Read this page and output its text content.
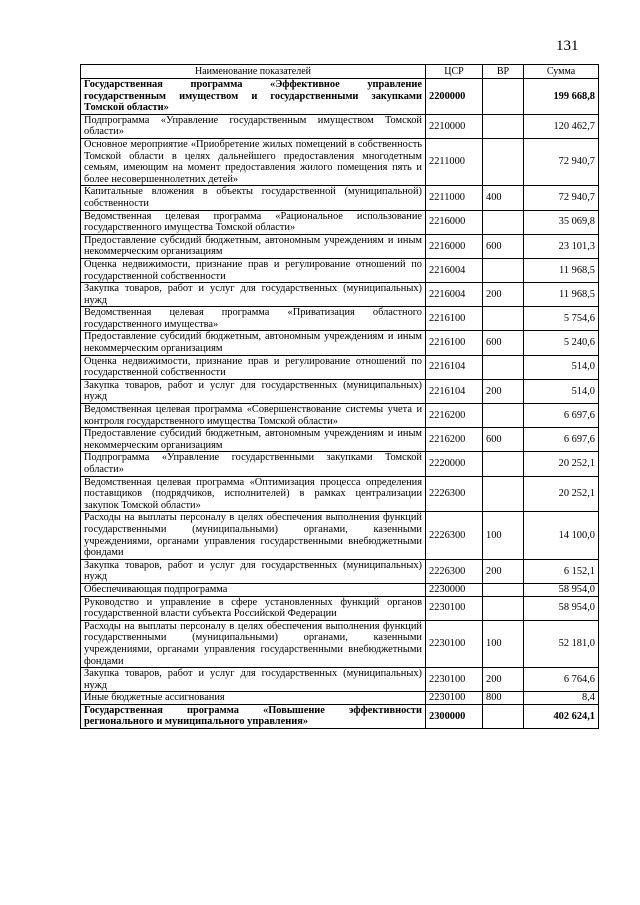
131
Наименование показателей	ЦСР	ВР	Сумма
Государственная программа «Эффективное управление государственным имуществом и государственными закупками Томской области»	2200000		199 668,8
Подпрограмма «Управление государственным имуществом Томской области»	2210000		120 462,7
Основное мероприятие «Приобретение жилых помещений в собственность Томской области в целях дальнейшего предоставления многодетным семьям, имеющим на момент предоставления жилого помещения пять и более несовершеннолетних детей»	2211000		72 940,7
Капитальные вложения в объекты государственной (муниципальной) собственности	2211000	400	72 940,7
Ведомственная целевая программа «Рациональное использование государственного имущества Томской области»	2216000		35 069,8
Предоставление субсидий бюджетным, автономным учреждениям и иным некоммерческим организациям	2216000	600	23 101,3
Оценка недвижимости, признание прав и регулирование отношений по государственной собственности	2216004		11 968,5
Закупка товаров, работ и услуг для государственных (муниципальных) нужд	2216004	200	11 968,5
Ведомственная целевая программа «Приватизация областного государственного имущества»	2216100		5 754,6
Предоставление субсидий бюджетным, автономным учреждениям и иным некоммерческим организациям	2216100	600	5 240,6
Оценка недвижимости, признание прав и регулирование отношений по государственной собственности	2216104		514,0
Закупка товаров, работ и услуг для государственных (муниципальных) нужд	2216104	200	514,0
Ведомственная целевая программа «Совершенствование системы учета и контроля государственного имущества Томской области»	2216200		6 697,6
Предоставление субсидий бюджетным, автономным учреждениям и иным некоммерческим организациям	2216200	600	6 697,6
Подпрограмма «Управление государственными закупками Томской области»	2220000		20 252,1
Ведомственная целевая программа «Оптимизация процесса определения поставщиков (подрядчиков, исполнителей) в рамках централизации закупок Томской области»	2226300		20 252,1
Расходы на выплаты персоналу в целях обеспечения выполнения функций государственными (муниципальными) органами, казенными учреждениями, органами управления государственными внебюджетными фондами	2226300	100	14 100,0
Закупка товаров, работ и услуг для государственных (муниципальных) нужд	2226300	200	6 152,1
Обеспечивающая подпрограмма	2230000		58 954,0
Руководство и управление в сфере установленных функций органов государственной власти субъекта Российской Федерации	2230100		58 954,0
Расходы на выплаты персоналу в целях обеспечения выполнения функций государственными (муниципальными) органами, казенными учреждениями, органами управления государственными внебюджетными фондами	2230100	100	52 181,0
Закупка товаров, работ и услуг для государственных (муниципальных) нужд	2230100	200	6 764,6
Иные бюджетные ассигнования	2230100	800	8,4
Государственная программа «Повышение эффективности регионального и муниципального управления»	2300000		402 624,1
